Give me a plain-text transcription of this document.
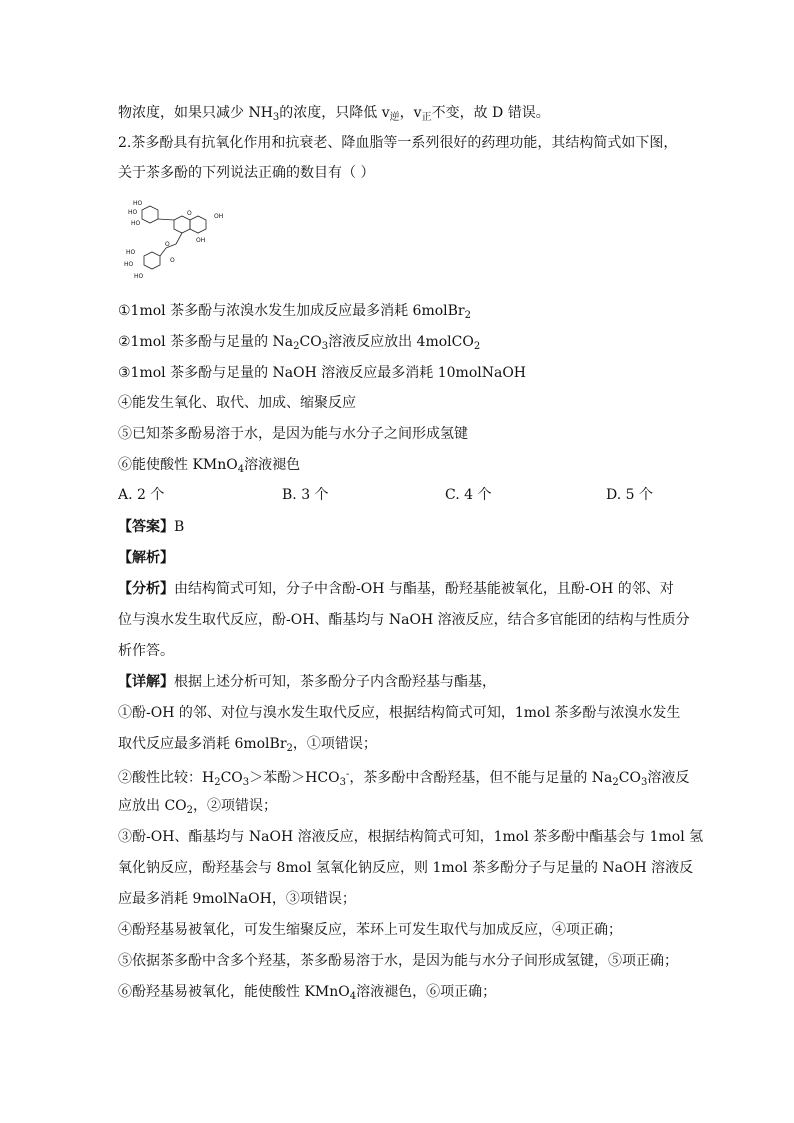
物浓度，如果只减少 $NH_3$的浓度，只降低 $v_逆$，$v_正$不变，故 D 错误。
2.茶多酚具有抗氧化作用和抗衰老、降血脂等一系列很好的药理功能，其结构简式如下图，
关于茶多酚的下列说法正确的数目有（ ）
HO
HO
HO
O	OH
OH
O
O
HO
HO
HO
①1mol 茶多酚与浓溴水发生加成反应最多消耗 6molBr$_2$
②1mol 茶多酚与足量的 $Na_2CO_3$溶液反应放出 4molCO$_2$
③1mol 茶多酚与足量的 NaOH 溶液反应最多消耗 10molNaOH
④能发生氧化、取代、加成、缩聚反应
⑤已知茶多酚易溶于水，是因为能与水分子之间形成氢键
⑥能使酸性 KMnO$_4$溶液褪色
A. 2 个	B. 3 个	C. 4 个	D. 5 个
【答案】B
【解析】
【分析】由结构简式可知，分子中含酚-OH 与酯基，酚羟基能被氧化，且酚-OH 的邻、对
位与溴水发生取代反应，酚-OH、酯基均与 NaOH 溶液反应，结合多官能团的结构与性质分
析作答。
【详解】根据上述分析可知，茶多酚分子内含酚羟基与酯基，
①酚-OH 的邻、对位与溴水发生取代反应，根据结构简式可知，1mol 茶多酚与浓溴水发生
取代反应最多消耗 6molBr$_2$，①项错误；
②酸性比较：$H_2CO_3>$苯酚$>HCO_3^-$，茶多酚中含酚羟基，但不能与足量的 $Na_2CO_3$溶液反
应放出 $CO_2$，②项错误；
③酚-OH、酯基均与 NaOH 溶液反应，根据结构简式可知，1mol 茶多酚中酯基会与 1mol 氢
氧化钠反应，酚羟基会与 8mol 氢氧化钠反应，则 1mol 茶多酚分子与足量的 NaOH 溶液反
应最多消耗 9molNaOH，③项错误；
④酚羟基易被氧化，可发生缩聚反应，苯环上可发生取代与加成反应，④项正确；
⑤依据茶多酚中含多个羟基，茶多酚易溶于水，是因为能与水分子间形成氢键，⑤项正确；
⑥酚羟基易被氧化，能使酸性 KMnO$_4$溶液褪色，⑥项正确；
